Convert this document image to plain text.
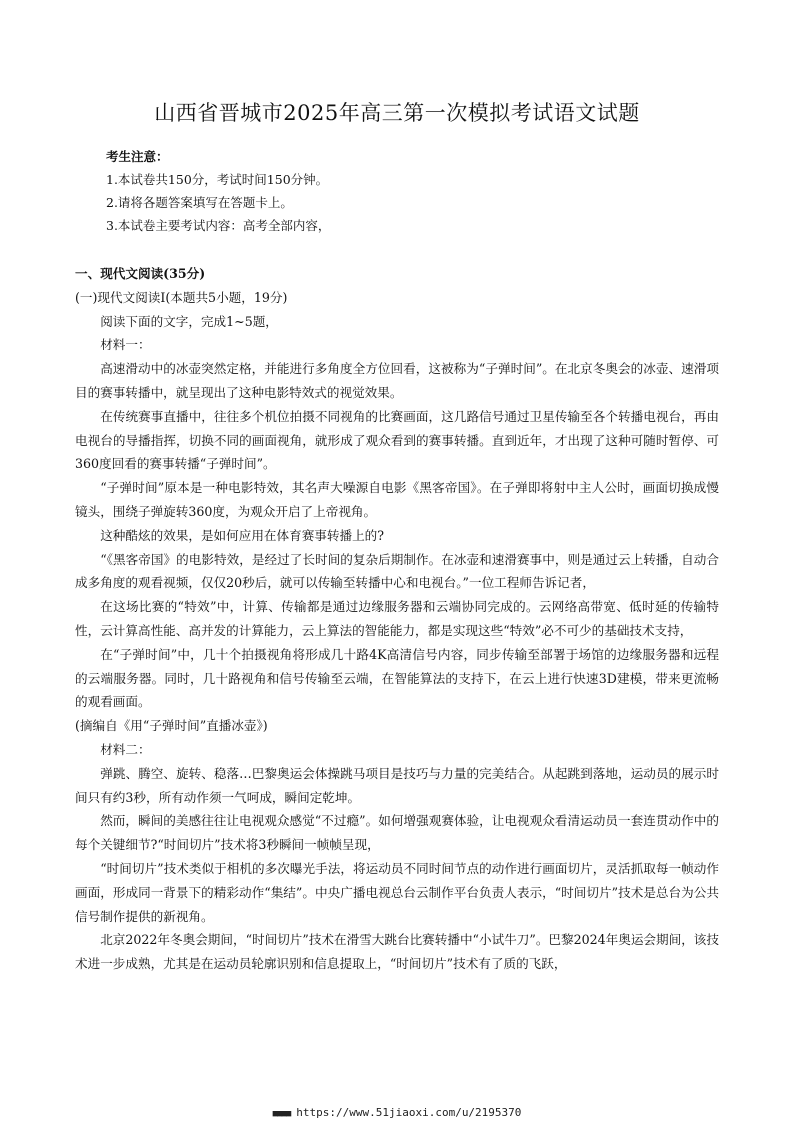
山西省晋城市2025年高三第一次模拟考试语文试题
考生注意：
1.本试卷共150分，考试时间150分钟。
2.请将各题答案填写在答题卡上。
3.本试卷主要考试内容：高考全部内容，

一、现代文阅读(35分)

(一)现代文阅读Ⅰ(本题共5小题，19分)

阅读下面的文字，完成1~5题，

材料一：

高速滑动中的冰壶突然定格，并能进行多角度全方位回看，这被称为“子弹时间”。在北京冬奥会的冰壶、速滑项目的赛事转播中，就呈现出了这种电影特效式的视觉效果。

在传统赛事直播中，往往多个机位拍摄不同视角的比赛画面，这几路信号通过卫星传输至各个转播电视台，再由电视台的导播指挥，切换不同的画面视角，就形成了观众看到的赛事转播。直到近年，才出现了这种可随时暂停、可360度回看的赛事转播“子弹时间”。

“子弹时间”原本是一种电影特效，其名声大噪源自电影《黑客帝国》。在子弹即将射中主人公时，画面切换成慢镜头，围绕子弹旋转360度，为观众开启了上帝视角。

这种酷炫的效果，是如何应用在体育赛事转播上的?

“《黑客帝国》的电影特效，是经过了长时间的复杂后期制作。在冰壶和速滑赛事中，则是通过云上转播，自动合成多角度的观看视频，仅仅20秒后，就可以传输至转播中心和电视台。”一位工程师告诉记者，

在这场比赛的“特效”中，计算、传输都是通过边缘服务器和云端协同完成的。云网络高带宽、低时延的传输特性，云计算高性能、高并发的计算能力，云上算法的智能能力，都是实现这些“特效”必不可少的基础技术支持，

在“子弹时间”中，几十个拍摄视角将形成几十路4K高清信号内容，同步传输至部署于场馆的边缘服务器和远程的云端服务器。同时，几十路视角和信号传输至云端，在智能算法的支持下，在云上进行快速3D建模，带来更流畅的观看画面。

(摘编自《用“子弹时间”直播冰壶》)

材料二：

弹跳、腾空、旋转、稳落…巴黎奥运会体操跳马项目是技巧与力量的完美结合。从起跳到落地，运动员的展示时间只有约3秒，所有动作须一气呵成，瞬间定乾坤。

然而，瞬间的美感往往让电视观众感觉“不过瘾”。如何增强观赛体验，让电视观众看清运动员一套连贯动作中的每个关键细节?“时间切片”技术将3秒瞬间一帧帧呈现，

“时间切片”技术类似于相机的多次曝光手法，将运动员不同时间节点的动作进行画面切片，灵活抓取每一帧动作画面，形成同一背景下的精彩动作“集结”。中央广播电视总台云制作平台负责人表示，“时间切片”技术是总台为公共信号制作提供的新视角。

北京2022年冬奥会期间，“时间切片”技术在滑雪大跳台比赛转播中“小试牛刀”。巴黎2024年奥运会期间，该技术进一步成熟，尤其是在运动员轮廓识别和信息提取上，“时间切片”技术有了质的飞跃，

■■■■ https://www.51jiaoxi.com/u/2195370
